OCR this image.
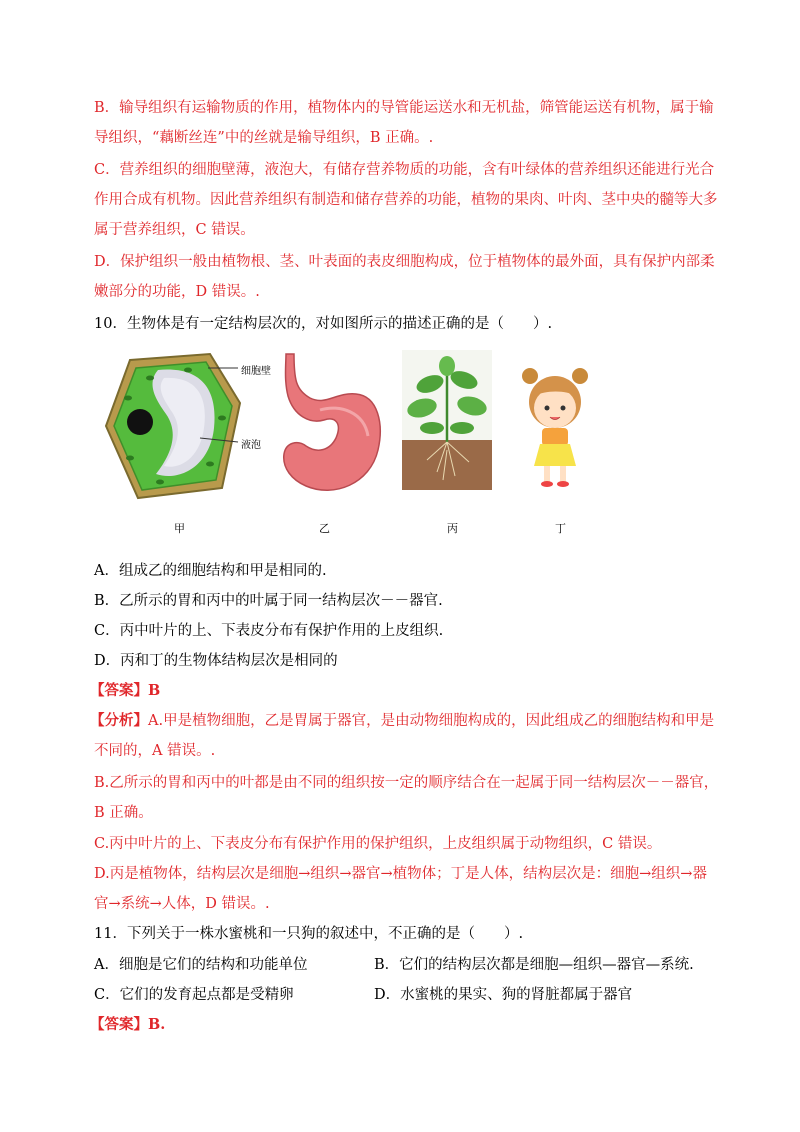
B．输导组织有运输物质的作用，植物体内的导管能运送水和无机盐，筛管能运送有机物，属于输
导组织，“藕断丝连”中的丝就是输导组织，B 正确。.
C．营养组织的细胞壁薄，液泡大，有储存营养物质的功能，含有叶绿体的营养组织还能进行光合
作用合成有机物。因此营养组织有制造和储存营养的功能，植物的果肉、叶肉、茎中央的髓等大多
属于营养组织，C 错误。
D．保护组织一般由植物根、茎、叶表面的表皮细胞构成，位于植物体的最外面，具有保护内部柔
嫩部分的功能，D 错误。.
10．生物体是有一定结构层次的，对如图所示的描述正确的是（　　）.
细胞壁
液泡
甲	乙	丙	丁
A．组成乙的细胞结构和甲是相同的.
B．乙所示的胃和丙中的叶属于同一结构层次－－器官.
C．丙中叶片的上、下表皮分布有保护作用的上皮组织.
D．丙和丁的生物体结构层次是相同的
【答案】B
【分析】A.甲是植物细胞，乙是胃属于器官，是由动物细胞构成的，因此组成乙的细胞结构和甲是
不同的，A 错误。.
B.乙所示的胃和丙中的叶都是由不同的组织按一定的顺序结合在一起属于同一结构层次－－器官，
B 正确。
C.丙中叶片的上、下表皮分布有保护作用的保护组织，上皮组织属于动物组织，C 错误。
D.丙是植物体，结构层次是细胞→组织→器官→植物体；丁是人体，结构层次是：细胞→组织→器
官→系统→人体，D 错误。.
11．下列关于一株水蜜桃和一只狗的叙述中，不正确的是（　　）.
A．细胞是它们的结构和功能单位	B．它们的结构层次都是细胞—组织—器官—系统.
C．它们的发育起点都是受精卵	D．水蜜桃的果实、狗的肾脏都属于器官
【答案】B.
